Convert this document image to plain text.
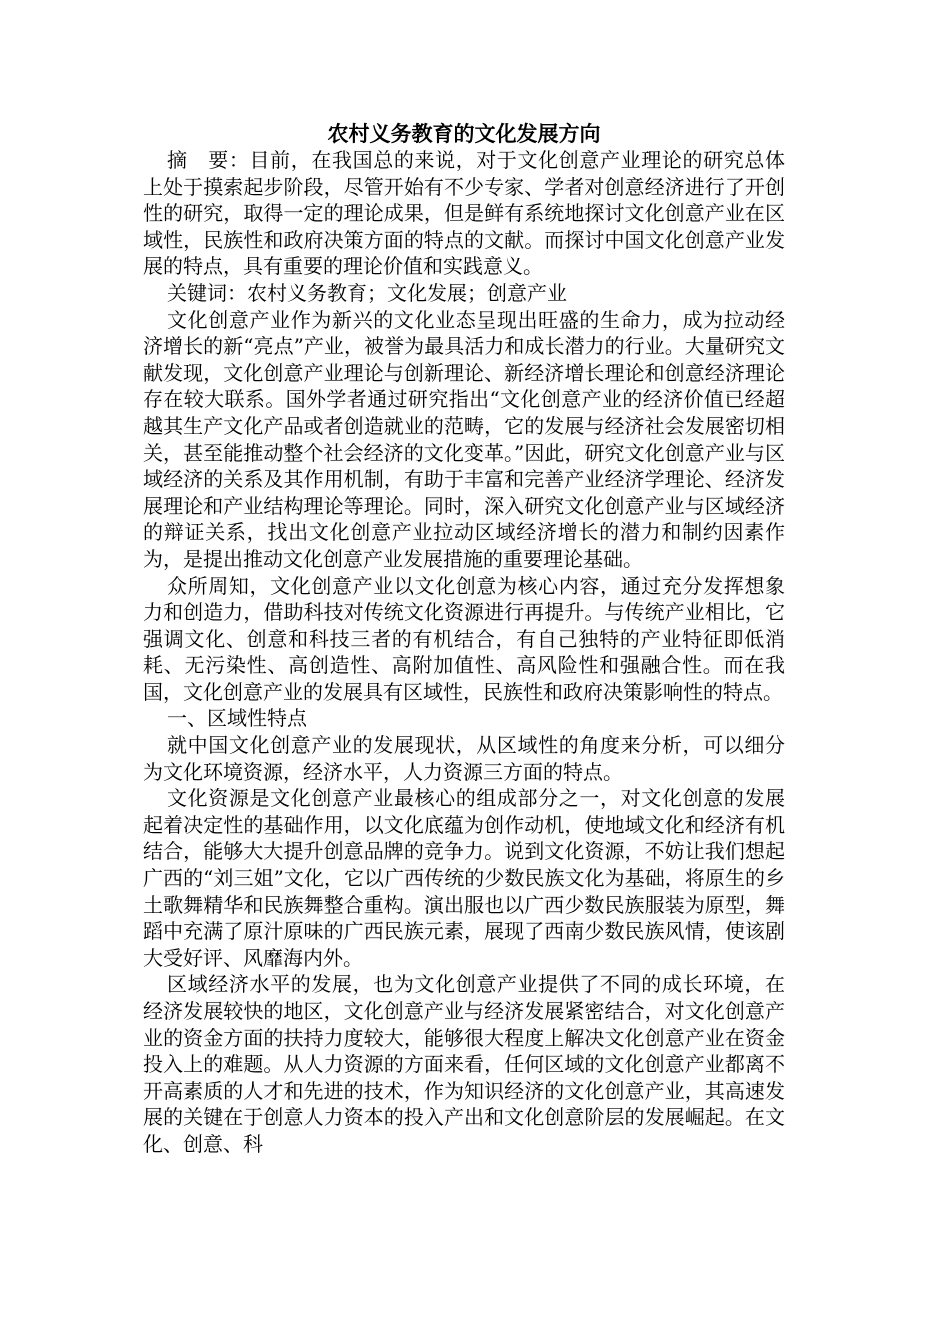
农村义务教育的文化发展方向

摘　要：目前，在我国总的来说，对于文化创意产业理论的研究总体上处于摸索起步阶段，尽管开始有不少专家、学者对创意经济进行了开创性的研究，取得一定的理论成果，但是鲜有系统地探讨文化创意产业在区域性，民族性和政府决策方面的特点的文献。而探讨中国文化创意产业发展的特点，具有重要的理论价值和实践意义。

关键词：农村义务教育；文化发展；创意产业

文化创意产业作为新兴的文化业态呈现出旺盛的生命力，成为拉动经济增长的新“亮点”产业，被誉为最具活力和成长潜力的行业。大量研究文献发现，文化创意产业理论与创新理论、新经济增长理论和创意经济理论存在较大联系。国外学者通过研究指出“文化创意产业的经济价值已经超越其生产文化产品或者创造就业的范畴，它的发展与经济社会发展密切相关，甚至能推动整个社会经济的文化变革。”因此，研究文化创意产业与区域经济的关系及其作用机制，有助于丰富和完善产业经济学理论、经济发展理论和产业结构理论等理论。同时，深入研究文化创意产业与区域经济的辩证关系，找出文化创意产业拉动区域经济增长的潜力和制约因素作为，是提出推动文化创意产业发展措施的重要理论基础。

众所周知，文化创意产业以文化创意为核心内容，通过充分发挥想象力和创造力，借助科技对传统文化资源进行再提升。与传统产业相比，它强调文化、创意和科技三者的有机结合，有自己独特的产业特征即低消耗、无污染性、高创造性、高附加值性、高风险性和强融合性。而在我国，文化创意产业的发展具有区域性，民族性和政府决策影响性的特点。

一、区域性特点

就中国文化创意产业的发展现状，从区域性的角度来分析，可以细分为文化环境资源，经济水平，人力资源三方面的特点。

文化资源是文化创意产业最核心的组成部分之一，对文化创意的发展起着决定性的基础作用，以文化底蕴为创作动机，使地域文化和经济有机结合，能够大大提升创意品牌的竞争力。说到文化资源，不妨让我们想起广西的“刘三姐”文化，它以广西传统的少数民族文化为基础，将原生的乡土歌舞精华和民族舞整合重构。演出服也以广西少数民族服装为原型，舞蹈中充满了原汁原味的广西民族元素，展现了西南少数民族风情，使该剧大受好评、风靡海内外。

区域经济水平的发展，也为文化创意产业提供了不同的成长环境，在经济发展较快的地区，文化创意产业与经济发展紧密结合，对文化创意产业的资金方面的扶持力度较大，能够很大程度上解决文化创意产业在资金投入上的难题。从人力资源的方面来看，任何区域的文化创意产业都离不开高素质的人才和先进的技术，作为知识经济的文化创意产业，其高速发展的关键在于创意人力资本的投入产出和文化创意阶层的发展崛起。在文化、创意、科
